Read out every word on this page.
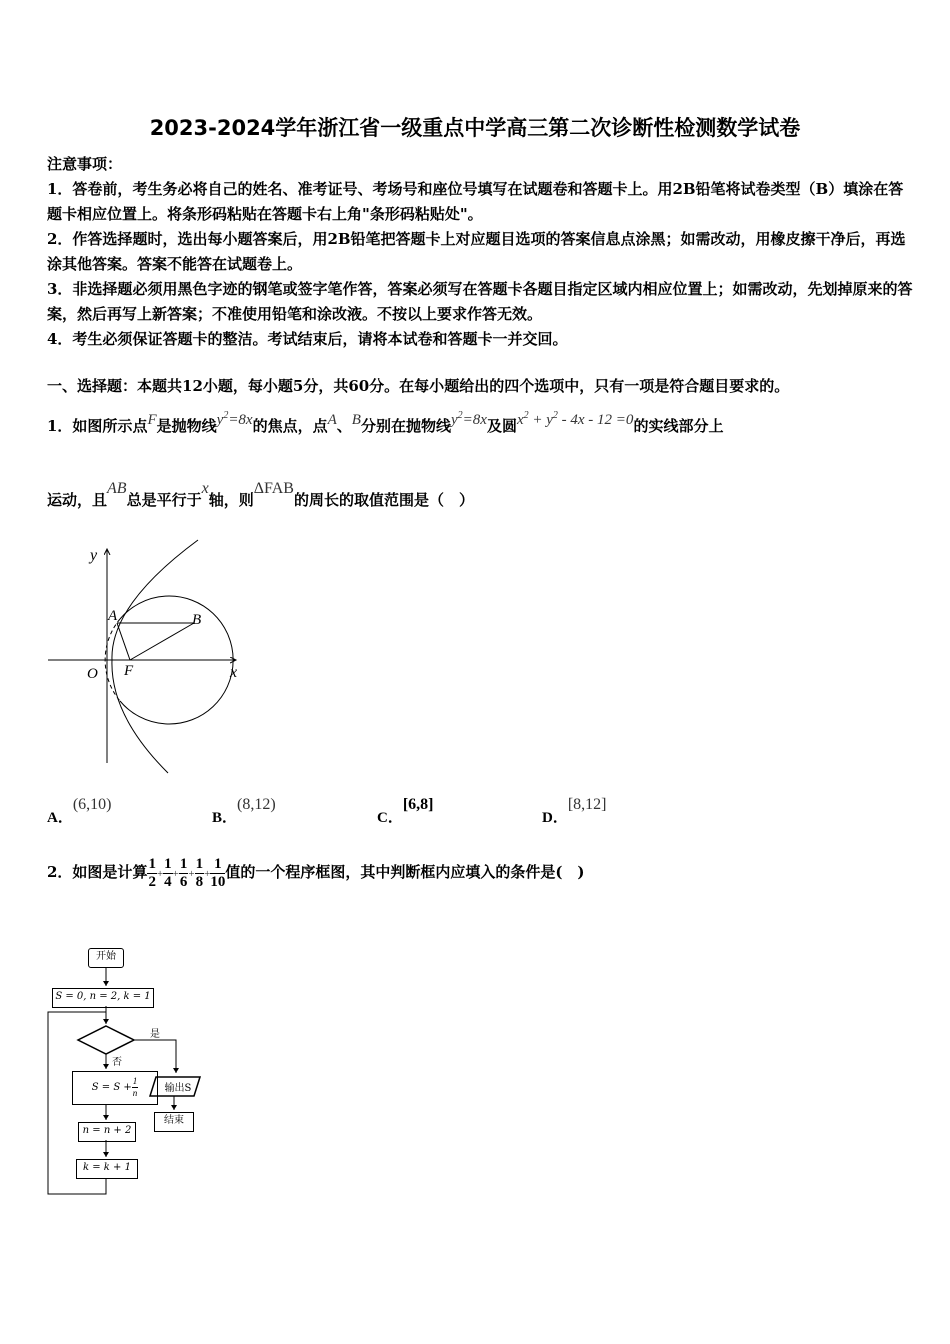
2023-2024学年浙江省一级重点中学高三第二次诊断性检测数学试卷

注意事项：

1．答卷前，考生务必将自己的姓名、准考证号、考场号和座位号填写在试题卷和答题卡上。用2B铅笔将试卷类型（B）填涂在答题卡相应位置上。将条形码粘贴在答题卡右上角"条形码粘贴处"。

2．作答选择题时，选出每小题答案后，用2B铅笔把答题卡上对应题目选项的答案信息点涂黑；如需改动，用橡皮擦干净后，再选涂其他答案。答案不能答在试题卷上。

3．非选择题必须用黑色字迹的钢笔或签字笔作答，答案必须写在答题卡各题目指定区域内相应位置上；如需改动，先划掉原来的答案，然后再写上新答案；不准使用铅笔和涂改液。不按以上要求作答无效。

4．考生必须保证答题卡的整洁。考试结束后，请将本试卷和答题卡一并交回。

一、选择题：本题共12小题，每小题5分，共60分。在每小题给出的四个选项中，只有一项是符合题目要求的。
1．如图所示点F是抛物线$y^2=8x$的焦点，点A、B分别在抛物线$y^2=8x$及圆$x^2 + y^2 - 4x - 12 =0$的实线部分上
运动，且AB总是平行于x轴，则ΔFAB的周长的取值范围是（　）
y
x
O F
A	B
A．(6,10)
B．(8,12)
C．[6,8]
D．[8,12]
2．如图是计算 $\frac{1}{2} + \frac{1}{4} + \frac{1}{6} + \frac{1}{8} + \frac{1}{10}$ 值的一个程序框图，其中判断框内应填入的条件是(　)
开始
S = 0, n = 2, k = 1
是
否
$S = S + \frac{1}{n}$
n = n + 2
k = k + 1
输出S
结束
